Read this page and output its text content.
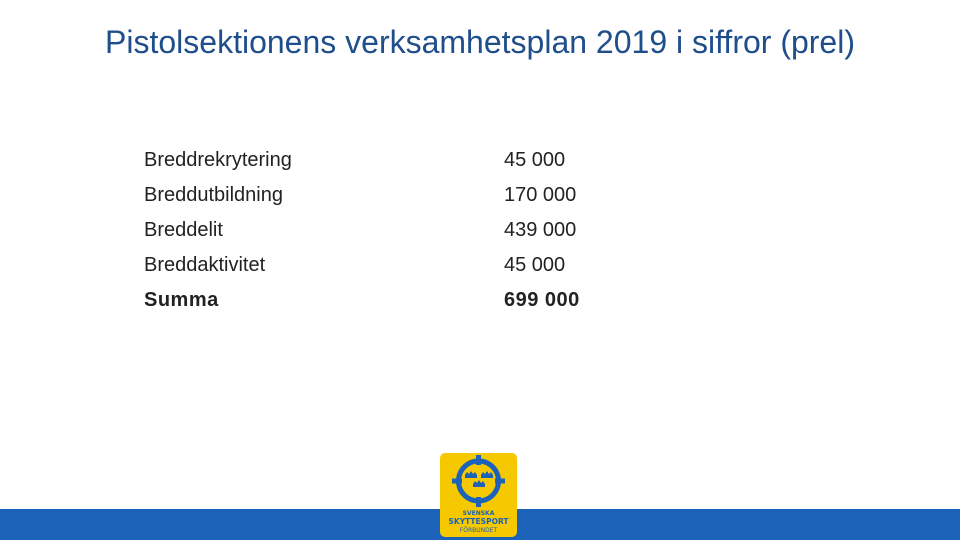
Pistolsektionens verksamhetsplan 2019 i siffror (prel)
Breddrekrytering	45 000
Breddutbildning	170 000
Breddelit	439 000
Breddaktivitet	45 000
Summa	699 000
SVENSKA
SKYTTESPORT
FÖRBUNDET
